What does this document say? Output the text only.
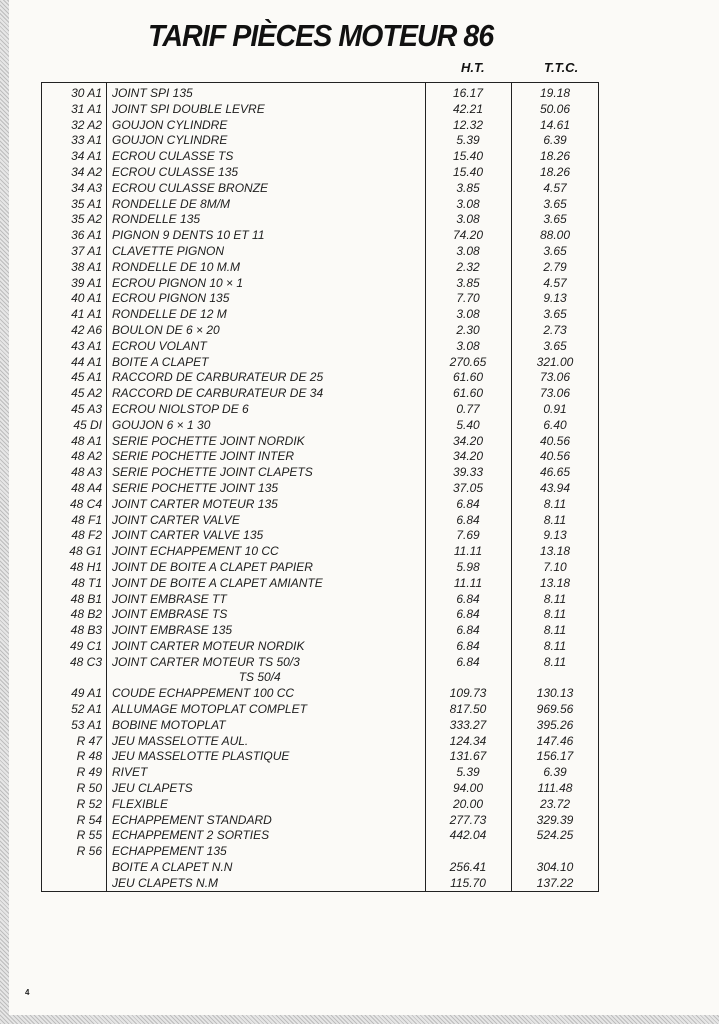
TARIF PIÈCES MOTEUR 86
H.T.	T.T.C.
30 A1 JOINT SPI 135	16.17	19.18
31 A1 JOINT SPI DOUBLE LEVRE	42.21	50.06
32 A2 GOUJON CYLINDRE	12.32	14.61
33 A1 GOUJON CYLINDRE	5.39	6.39
34 A1 ECROU CULASSE TS	15.40	18.26
34 A2 ECROU CULASSE 135	15.40	18.26
34 A3 ECROU CULASSE BRONZE	3.85	4.57
35 A1 RONDELLE DE 8M/M	3.08	3.65
35 A2 RONDELLE 135	3.08	3.65
36 A1 PIGNON 9 DENTS 10 ET 11	74.20	88.00
37 A1 CLAVETTE PIGNON	3.08	3.65
38 A1 RONDELLE DE 10 M.M	2.32	2.79
39 A1 ECROU PIGNON 10 × 1	3.85	4.57
40 A1 ECROU PIGNON 135	7.70	9.13
41 A1 RONDELLE DE 12 M	3.08	3.65
42 A6 BOULON DE 6 × 20	2.30	2.73
43 A1 ECROU VOLANT	3.08	3.65
44 A1 BOITE A CLAPET	270.65	321.00
45 A1 RACCORD DE CARBURATEUR DE 25	61.60	73.06
45 A2 RACCORD DE CARBURATEUR DE 34	61.60	73.06
45 A3 ECROU NIOLSTOP DE 6	0.77	0.91
45 DI GOUJON 6 × 1 30	5.40	6.40
48 A1 SERIE POCHETTE JOINT NORDIK	34.20	40.56
48 A2 SERIE POCHETTE JOINT INTER	34.20	40.56
48 A3 SERIE POCHETTE JOINT CLAPETS	39.33	46.65
48 A4 SERIE POCHETTE JOINT 135	37.05	43.94
48 C4 JOINT CARTER MOTEUR 135	6.84	8.11
48 F1 JOINT CARTER VALVE	6.84	8.11
48 F2 JOINT CARTER VALVE 135	7.69	9.13
48 G1 JOINT ECHAPPEMENT 10 CC	11.11	13.18
48 H1 JOINT DE BOITE A CLAPET PAPIER	5.98	7.10
48 T1 JOINT DE BOITE A CLAPET AMIANTE	11.11	13.18
48 B1 JOINT EMBRASE TT	6.84	8.11
48 B2 JOINT EMBRASE TS	6.84	8.11
48 B3 JOINT EMBRASE 135	6.84	8.11
49 C1 JOINT CARTER MOTEUR NORDIK	6.84	8.11
48 C3 JOINT CARTER MOTEUR TS 50/3	6.84	8.11
TS 50/4
49 A1 COUDE ECHAPPEMENT 100 CC	109.73	130.13
52 A1 ALLUMAGE MOTOPLAT COMPLET	817.50	969.56
53 A1 BOBINE MOTOPLAT	333.27	395.26
R 47 JEU MASSELOTTE AUL.	124.34	147.46
R 48 JEU MASSELOTTE PLASTIQUE	131.67	156.17
R 49 RIVET	5.39	6.39
R 50 JEU CLAPETS	94.00	111.48
R 52 FLEXIBLE	20.00	23.72
R 54 ECHAPPEMENT STANDARD	277.73	329.39
R 55 ECHAPPEMENT 2 SORTIES	442.04	524.25
R 56 ECHAPPEMENT 135
BOITE A CLAPET N.N	256.41	304.10
JEU CLAPETS N.M	115.70	137.22
4
